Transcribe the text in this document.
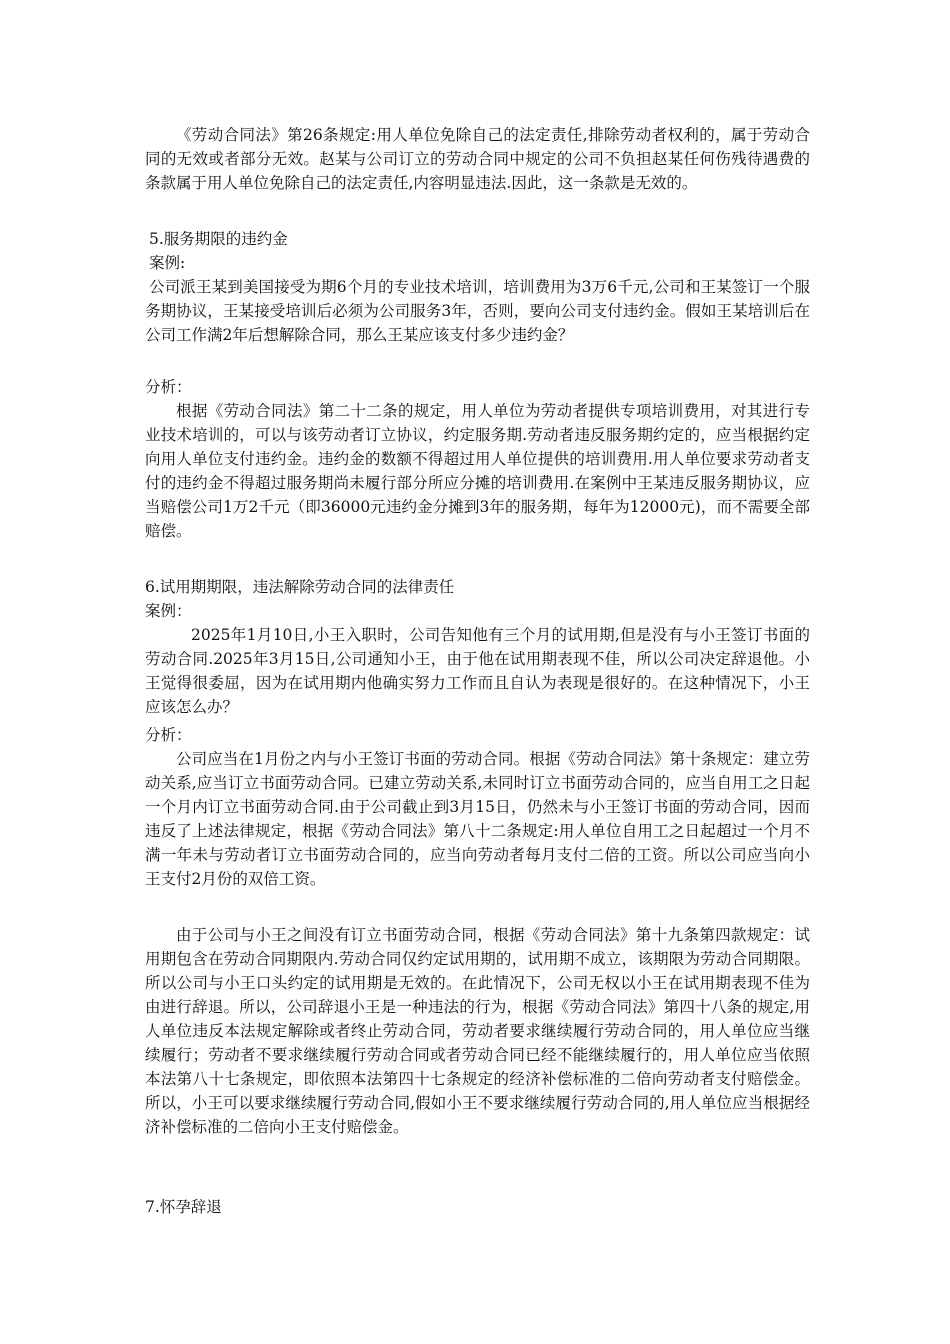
《劳动合同法》第26条规定:用人单位免除自己的法定责任,排除劳动者权利的，属于劳动合同的无效或者部分无效。赵某与公司订立的劳动合同中规定的公司不负担赵某任何伤残待遇费的条款属于用人单位免除自己的法定责任,内容明显违法.因此，这一条款是无效的。

5.服务期限的违约金

案例:

公司派王某到美国接受为期6个月的专业技术培训，培训费用为3万6千元,公司和王某签订一个服务期协议，王某接受培训后必须为公司服务3年，否则，要向公司支付违约金。假如王某培训后在公司工作满2年后想解除合同，那么王某应该支付多少违约金？

分析：

根据《劳动合同法》第二十二条的规定，用人单位为劳动者提供专项培训费用，对其进行专业技术培训的，可以与该劳动者订立协议，约定服务期.劳动者违反服务期约定的，应当根据约定向用人单位支付违约金。违约金的数额不得超过用人单位提供的培训费用.用人单位要求劳动者支付的违约金不得超过服务期尚未履行部分所应分摊的培训费用.在案例中王某违反服务期协议，应当赔偿公司1万2千元（即36000元违约金分摊到3年的服务期，每年为12000元)，而不需要全部赔偿。

6.试用期期限，违法解除劳动合同的法律责任

案例：

2025年1月10日,小王入职时，公司告知他有三个月的试用期,但是没有与小王签订书面的劳动合同.2025年3月15日,公司通知小王，由于他在试用期表现不佳，所以公司决定辞退他。小王觉得很委屈，因为在试用期内他确实努力工作而且自认为表现是很好的。在这种情况下，小王应该怎么办？

分析：

公司应当在1月份之内与小王签订书面的劳动合同。根据《劳动合同法》第十条规定：建立劳动关系,应当订立书面劳动合同。已建立劳动关系,未同时订立书面劳动合同的，应当自用工之日起一个月内订立书面劳动合同.由于公司截止到3月15日，仍然未与小王签订书面的劳动合同，因而违反了上述法律规定，根据《劳动合同法》第八十二条规定:用人单位自用工之日起超过一个月不满一年未与劳动者订立书面劳动合同的，应当向劳动者每月支付二倍的工资。所以公司应当向小王支付2月份的双倍工资。

由于公司与小王之间没有订立书面劳动合同，根据《劳动合同法》第十九条第四款规定：试用期包含在劳动合同期限内.劳动合同仅约定试用期的，试用期不成立，该期限为劳动合同期限。所以公司与小王口头约定的试用期是无效的。在此情况下，公司无权以小王在试用期表现不佳为由进行辞退。所以，公司辞退小王是一种违法的行为，根据《劳动合同法》第四十八条的规定,用人单位违反本法规定解除或者终止劳动合同，劳动者要求继续履行劳动合同的，用人单位应当继续履行；劳动者不要求继续履行劳动合同或者劳动合同已经不能继续履行的，用人单位应当依照本法第八十七条规定，即依照本法第四十七条规定的经济补偿标准的二倍向劳动者支付赔偿金。所以，小王可以要求继续履行劳动合同,假如小王不要求继续履行劳动合同的,用人单位应当根据经济补偿标准的二倍向小王支付赔偿金。

7.怀孕辞退
